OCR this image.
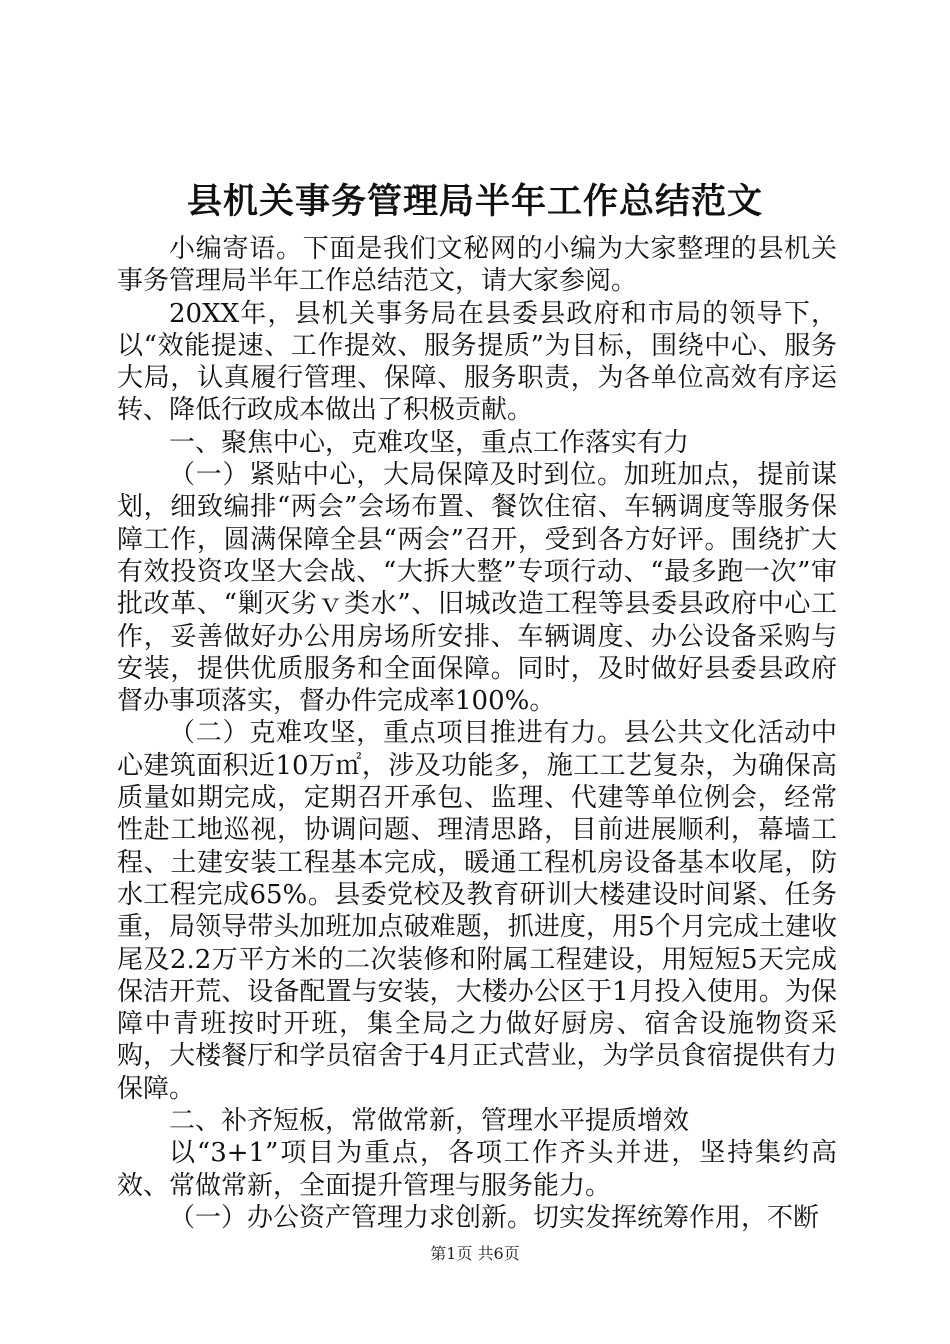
县机关事务管理局半年工作总结范文

小编寄语。下面是我们文秘网的小编为大家整理的县机关事务管理局半年工作总结范文，请大家参阅。

20XX年，县机关事务局在县委县政府和市局的领导下，以“效能提速、工作提效、服务提质”为目标，围绕中心、服务大局，认真履行管理、保障、服务职责，为各单位高效有序运转、降低行政成本做出了积极贡献。

一、聚焦中心，克难攻坚，重点工作落实有力

（一）紧贴中心，大局保障及时到位。加班加点，提前谋划，细致编排“两会”会场布置、餐饮住宿、车辆调度等服务保障工作，圆满保障全县“两会”召开，受到各方好评。围绕扩大有效投资攻坚大会战、“大拆大整”专项行动、“最多跑一次”审批改革、“剿灭劣ｖ类水”、旧城改造工程等县委县政府中心工作，妥善做好办公用房场所安排、车辆调度、办公设备采购与安装，提供优质服务和全面保障。同时，及时做好县委县政府督办事项落实，督办件完成率100%。

（二）克难攻坚，重点项目推进有力。县公共文化活动中心建筑面积近10万㎡，涉及功能多，施工工艺复杂，为确保高质量如期完成，定期召开承包、监理、代建等单位例会，经常性赴工地巡视，协调问题、理清思路，目前进展顺利，幕墙工程、土建安装工程基本完成，暖通工程机房设备基本收尾，防水工程完成65%。县委党校及教育研训大楼建设时间紧、任务重，局领导带头加班加点破难题，抓进度，用5个月完成土建收尾及2.2万平方米的二次装修和附属工程建设，用短短5天完成保洁开荒、设备配置与安装，大楼办公区于1月投入使用。为保障中青班按时开班，集全局之力做好厨房、宿舍设施物资采购，大楼餐厅和学员宿舍于4月正式营业，为学员食宿提供有力保障。

二、补齐短板，常做常新，管理水平提质增效

以“3+1”项目为重点，各项工作齐头并进，坚持集约高效、常做常新，全面提升管理与服务能力。

（一）办公资产管理力求创新。切实发挥统筹作用，不断

第1页 共6页
